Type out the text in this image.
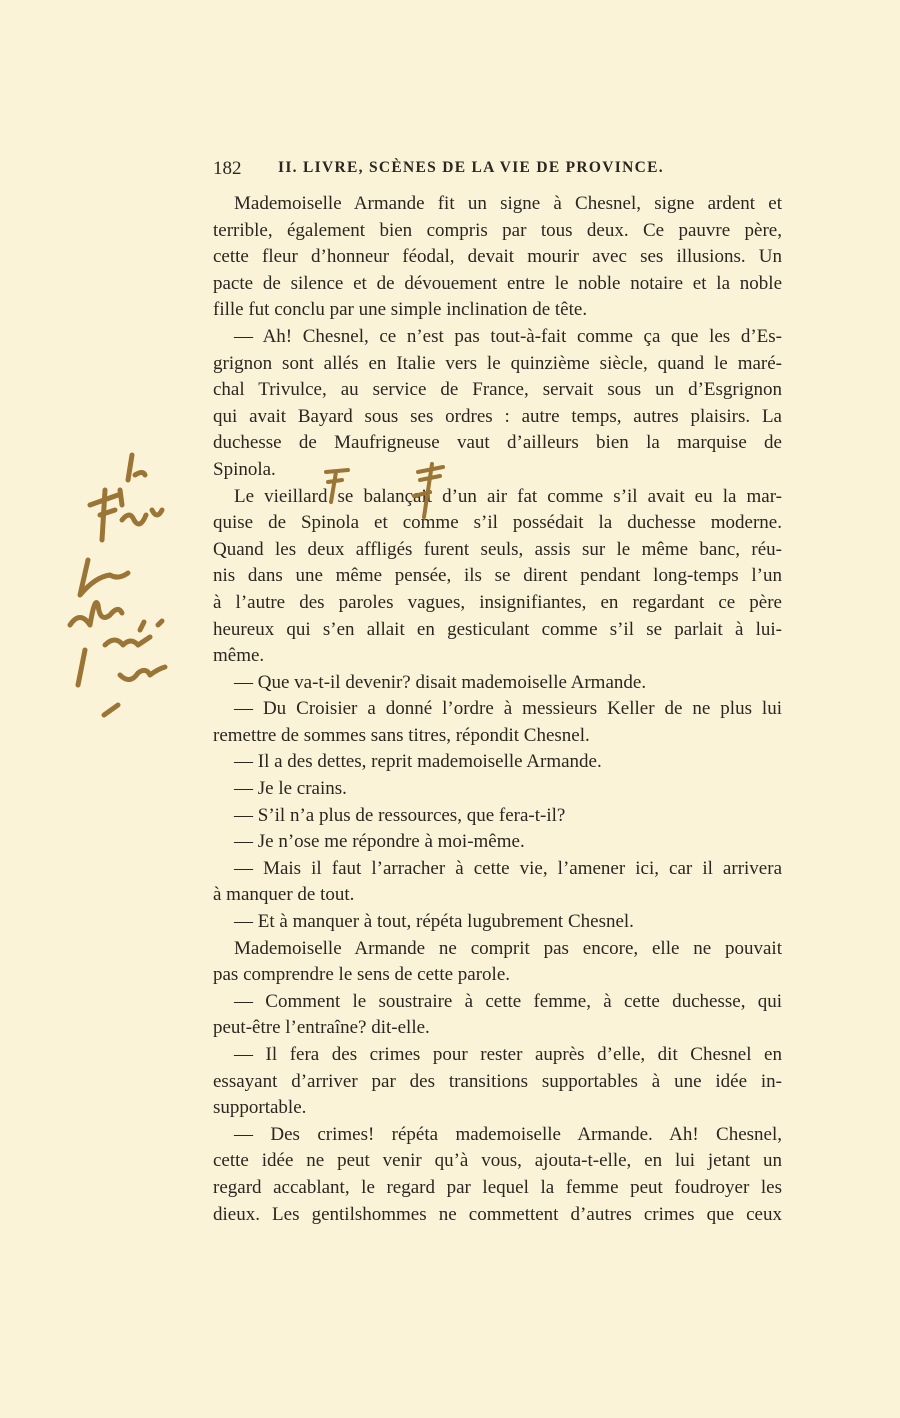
182 II. LIVRE, SCÈNES DE LA VIE DE PROVINCE.
Mademoiselle Armande fit un signe à Chesnel, signe ardent et
terrible, également bien compris par tous deux. Ce pauvre père,
cette fleur d’honneur féodal, devait mourir avec ses illusions. Un
pacte de silence et de dévouement entre le noble notaire et la noble
fille fut conclu par une simple inclination de tête.
— Ah! Chesnel, ce n’est pas tout-à-fait comme ça que les d’Es-
grignon sont allés en Italie vers le quinzième siècle, quand le maré-
chal Trivulce, au service de France, servait sous un d’Esgrignon
qui avait Bayard sous ses ordres : autre temps, autres plaisirs. La
duchesse de Maufrigneuse vaut d’ailleurs bien la marquise de
Spinola.
Le vieillard se balançait d’un air fat comme s’il avait eu la mar-
quise de Spinola et comme s’il possédait la duchesse moderne.
Quand les deux affligés furent seuls, assis sur le même banc, réu-
nis dans une même pensée, ils se dirent pendant long-temps l’un
à l’autre des paroles vagues, insignifiantes, en regardant ce père
heureux qui s’en allait en gesticulant comme s’il se parlait à lui-
même.
— Que va-t-il devenir? disait mademoiselle Armande.
— Du Croisier a donné l’ordre à messieurs Keller de ne plus lui
remettre de sommes sans titres, répondit Chesnel.
— Il a des dettes, reprit mademoiselle Armande.
— Je le crains.
— S’il n’a plus de ressources, que fera-t-il?
— Je n’ose me répondre à moi-même.
— Mais il faut l’arracher à cette vie, l’amener ici, car il arrivera
à manquer de tout.
— Et à manquer à tout, répéta lugubrement Chesnel.
Mademoiselle Armande ne comprit pas encore, elle ne pouvait
pas comprendre le sens de cette parole.
— Comment le soustraire à cette femme, à cette duchesse, qui
peut-être l’entraîne? dit-elle.
— Il fera des crimes pour rester auprès d’elle, dit Chesnel en
essayant d’arriver par des transitions supportables à une idée in-
supportable.
— Des crimes! répéta mademoiselle Armande. Ah! Chesnel,
cette idée ne peut venir qu’à vous, ajouta-t-elle, en lui jetant un
regard accablant, le regard par lequel la femme peut foudroyer les
dieux. Les gentilshommes ne commettent d’autres crimes que ceux
